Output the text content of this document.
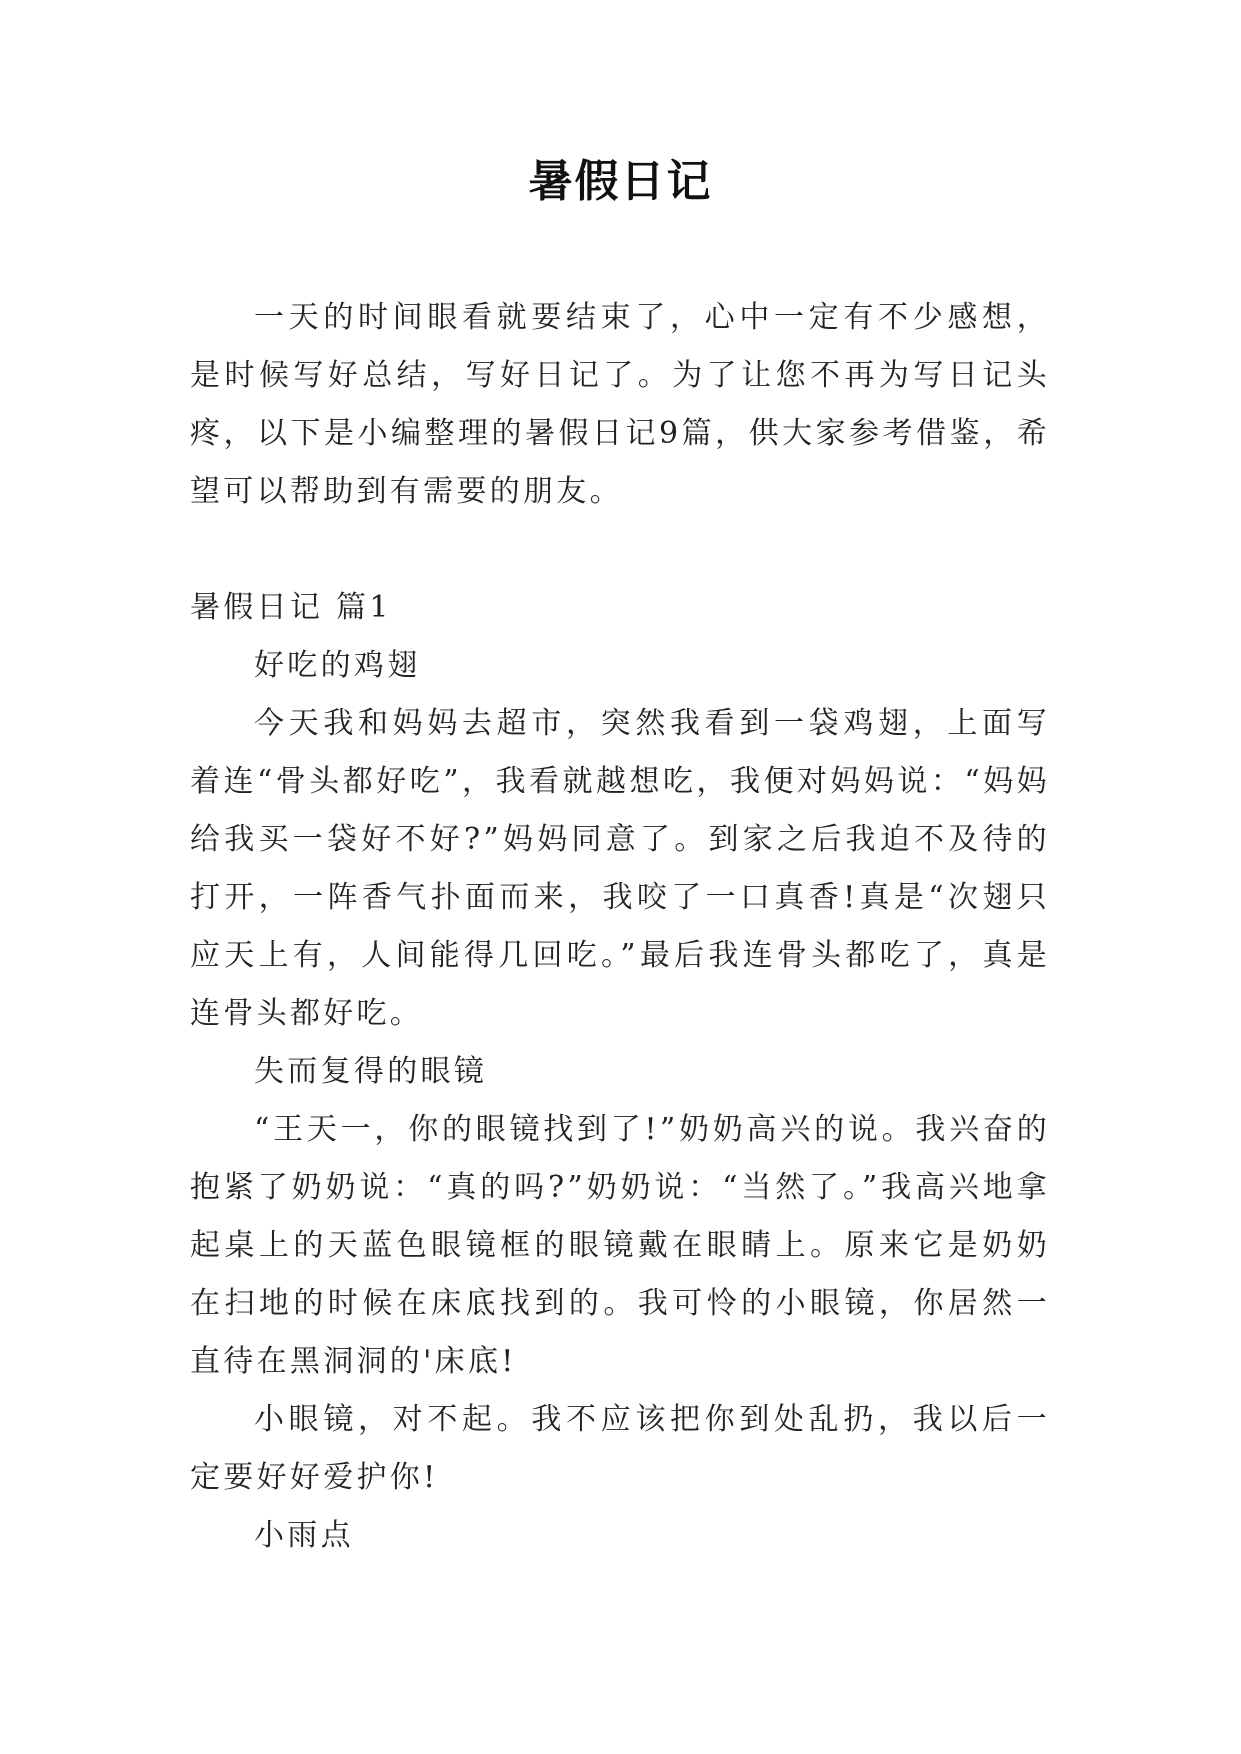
暑假日记

一天的时间眼看就要结束了，心中一定有不少感想，是时候写好总结，写好日记了。为了让您不再为写日记头疼，以下是小编整理的暑假日记9篇，供大家参考借鉴，希望可以帮助到有需要的朋友。

暑假日记 篇1

好吃的鸡翅

今天我和妈妈去超市，突然我看到一袋鸡翅，上面写着连“骨头都好吃”，我看就越想吃，我便对妈妈说：“妈妈给我买一袋好不好?”妈妈同意了。到家之后我迫不及待的打开，一阵香气扑面而来，我咬了一口真香!真是“次翅只应天上有，人间能得几回吃。”最后我连骨头都吃了，真是连骨头都好吃。

失而复得的眼镜

“王天一，你的眼镜找到了!”奶奶高兴的说。我兴奋的抱紧了奶奶说：“真的吗?”奶奶说：“当然了。”我高兴地拿起桌上的天蓝色眼镜框的眼镜戴在眼睛上。原来它是奶奶在扫地的时候在床底找到的。我可怜的小眼镜，你居然一直待在黑洞洞的'床底!

小眼镜，对不起。我不应该把你到处乱扔，我以后一定要好好爱护你!

小雨点
